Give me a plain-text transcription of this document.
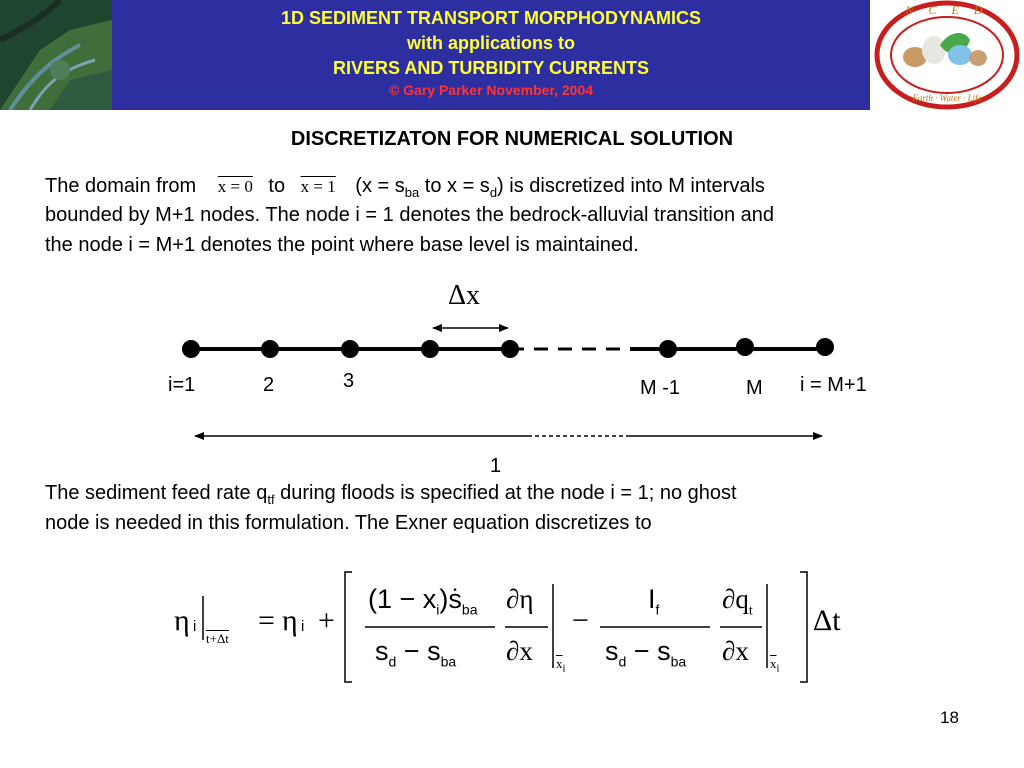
1D SEDIMENT TRANSPORT MORPHODYNAMICS
with applications to
RIVERS AND TURBIDITY CURRENTS
© Gary Parker November, 2004
N C E D
Earth · Water · Life
DISCRETIZATON FOR NUMERICAL SOLUTION
The domain from x = 0 to x = 1 ($x = s_{ba}$ to $x = s_d$) is discretized into M intervals
bounded by M+1 nodes. The node i = 1 denotes the bedrock-alluvial transition and
the node i = M+1 denotes the point where base level is maintained.
Δx
i=1	2	3	M -1	M i = M+1
1
The sediment feed rate $q_{tf}$ during floods is specified at the node i = 1; no ghost
node is needed in this formulation. The Exner equation discretizes to
η i
t+Δt
= η i +
$(1 - x_i)ṡ_{ba}$
$s_d - s_{ba}$
∂η
∂x $\overline{x}_i$
−
$I_f$
$s_d - s_{ba}$
$\partial q_t$
∂x $\overline{x}_i$
Δt
18
